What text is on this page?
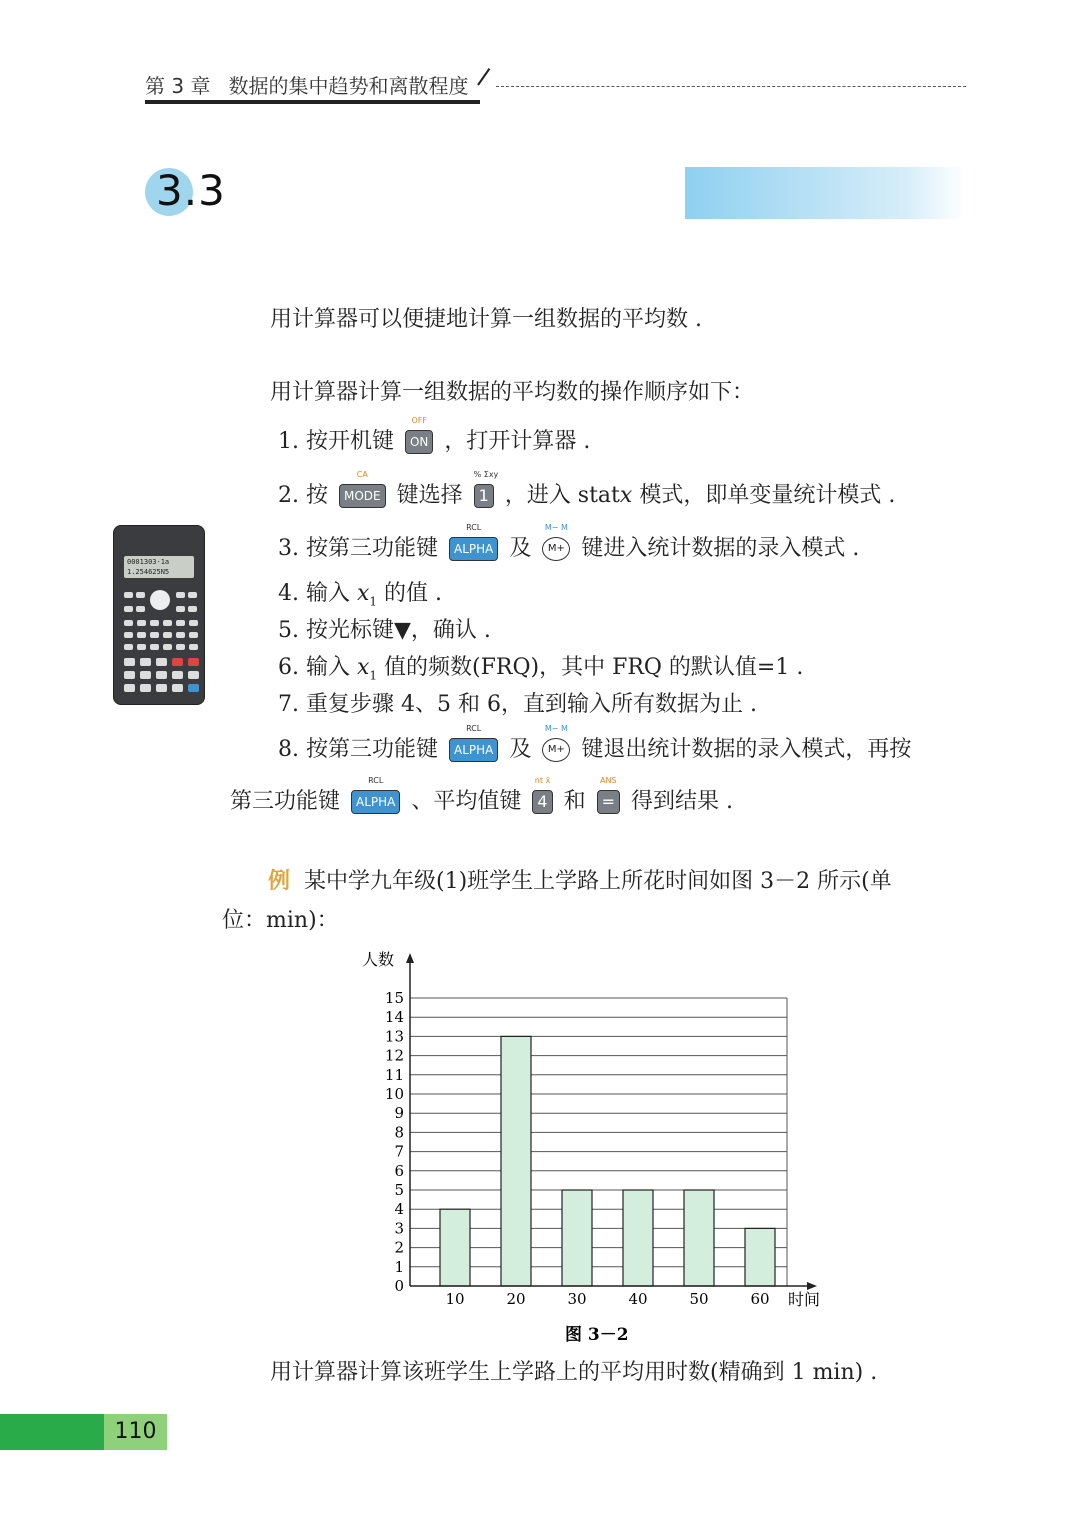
第 3 章 数据的集中趋势和离散程度
3.3
用计算器可以便捷地计算一组数据的平均数 .
用计算器计算一组数据的平均数的操作顺序如下：
1. 按开机键
OFF
ON ，打开计算器 .
2. 按
CA
MODE 键选择
% Σxy
1 ，进入 statx 模式，即单变量统计模式 .
3. 按第三功能键
RCL
ALPHA 及
M− M
M+ 键进入统计数据的录入模式 .
0001303-1a
1.254625N5
4. 输入 $x_1$ 的值 .
5. 按光标键▼，确认 .
6. 输入 $x_1$ 值的频数(FRQ)，其中 FRQ 的默认值=1 .
7. 重复步骤 4、5 和 6，直到输入所有数据为止 .
8. 按第三功能键
RCL
ALPHA 及
M− M
M+ 键退出统计数据的录入模式，再按
第三功能键
RCL
ALPHA 、平均值键
nt x̄
4 和
ANS
= 得到结果 .
例 某中学九年级(1)班学生上学路上所花时间如图 3－2 所示(单
位：min)：
0
1
2
3
4
5
6
7
8
9
10
11
12
13
14
15
10	20	30	40	50	60
人数
时间
图 3－2
用计算器计算该班学生上学路上的平均用时数(精确到 1 min) .
110
